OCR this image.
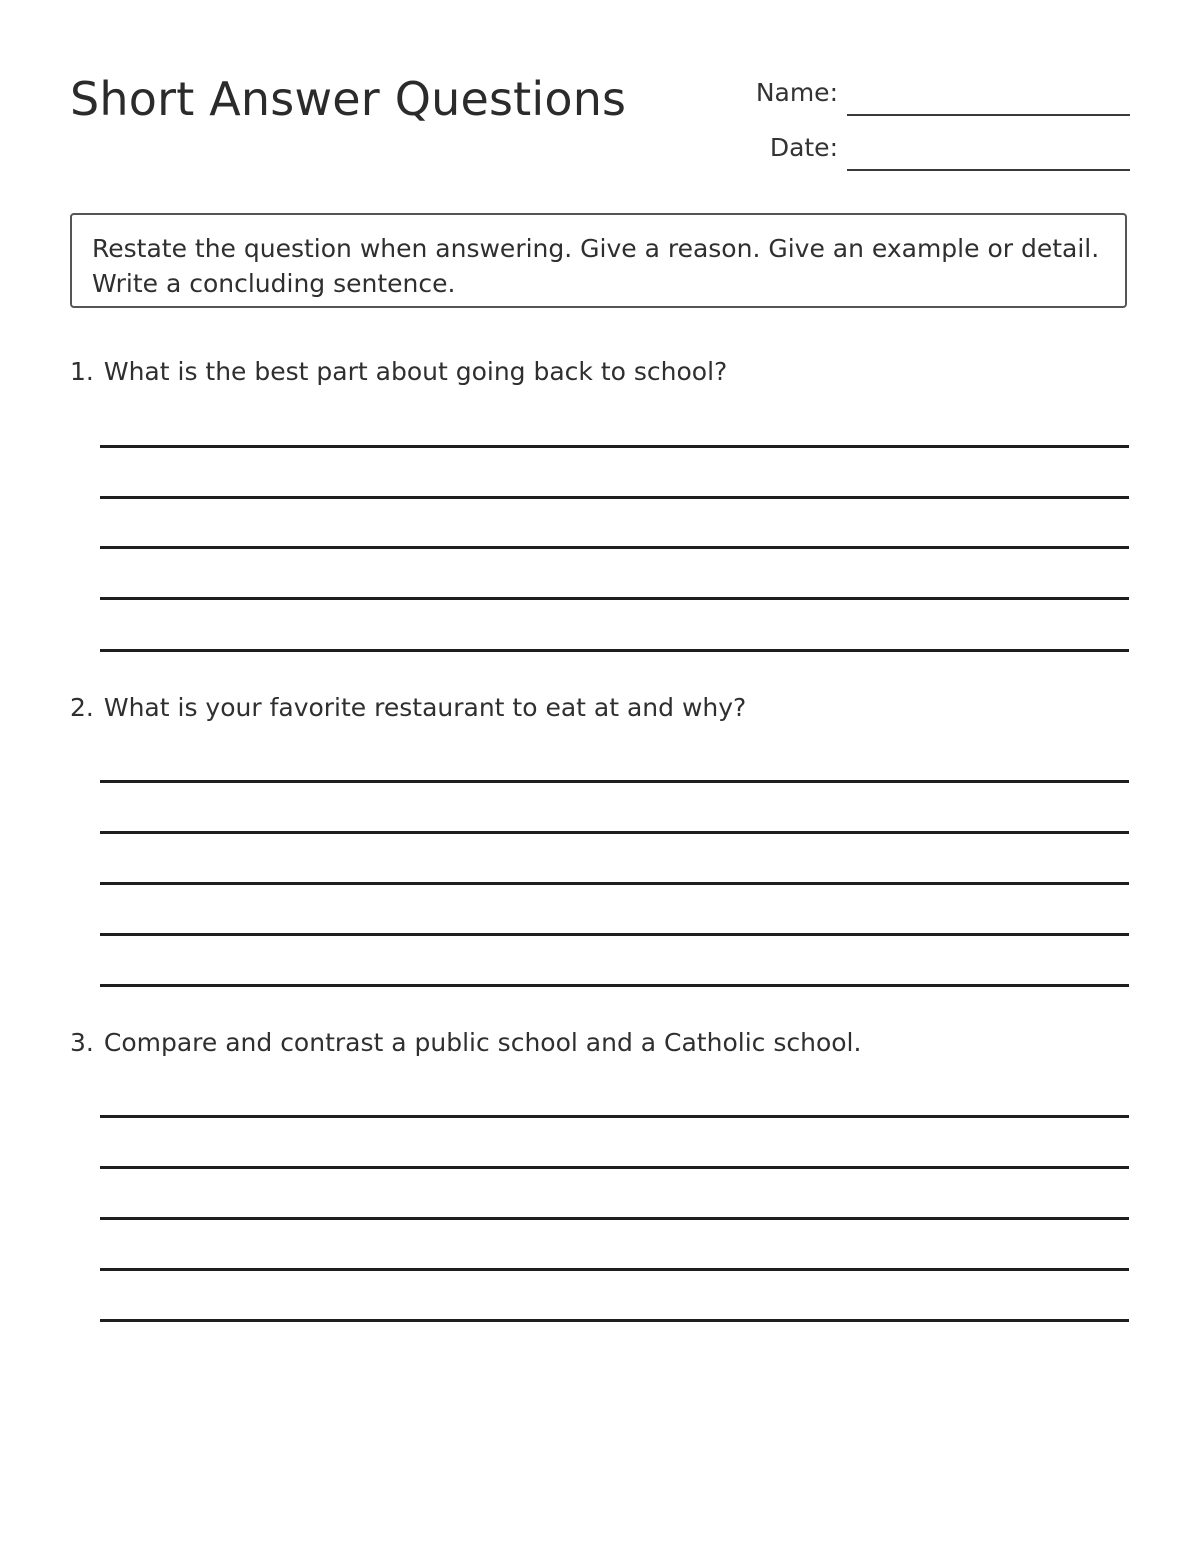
Short Answer Questions	Name:
Date:
Restate the question when answering. Give a reason. Give an example or detail. Write a concluding sentence.
1. What is the best part about going back to school?
2. What is your favorite restaurant to eat at and why?
3. Compare and contrast a public school and a Catholic school.
